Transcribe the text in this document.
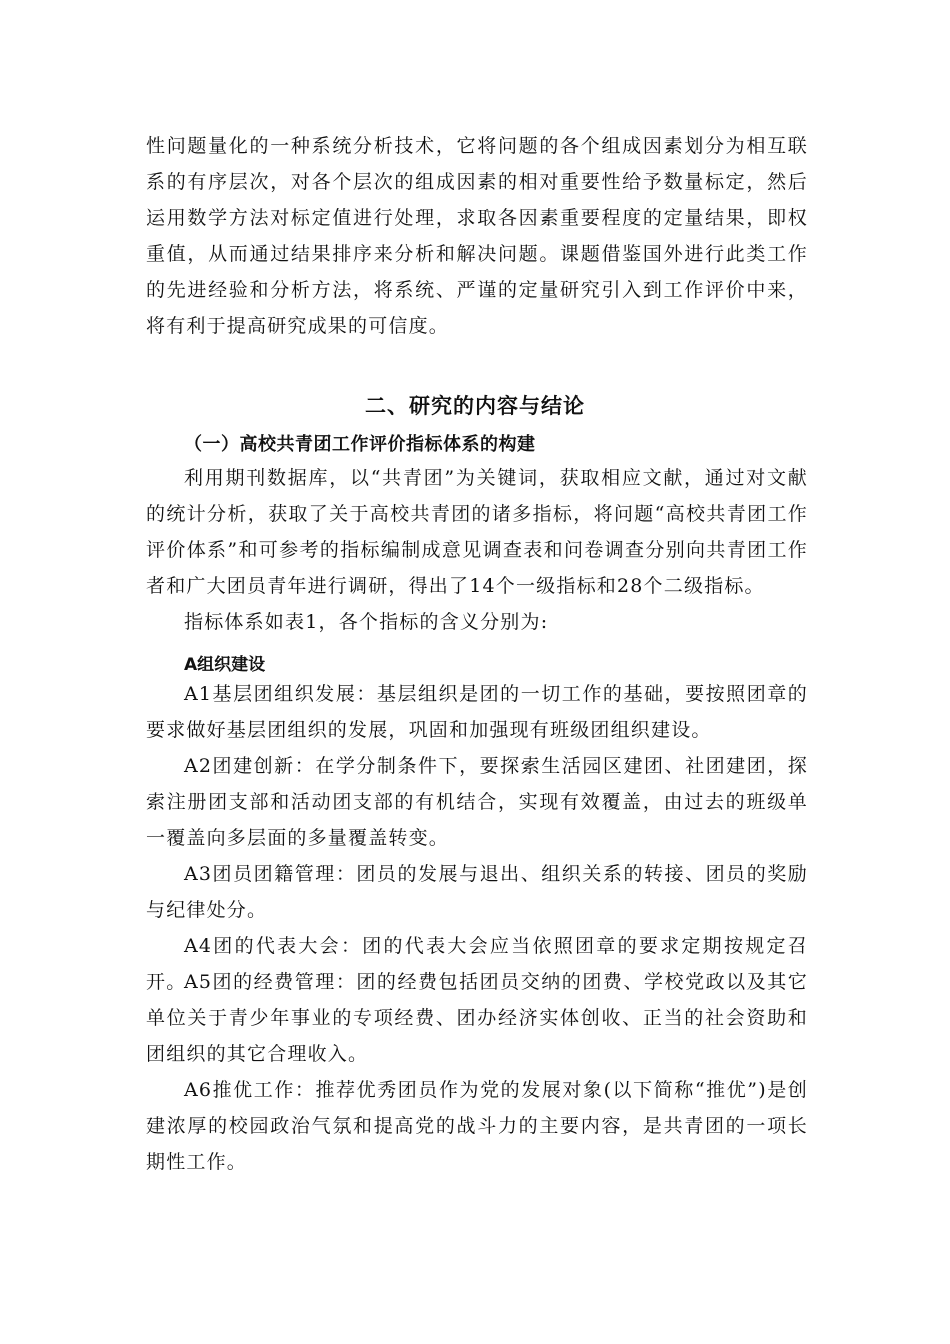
性问题量化的一种系统分析技术，它将问题的各个组成因素划分为相互联系的有序层次，对各个层次的组成因素的相对重要性给予数量标定，然后运用数学方法对标定值进行处理，求取各因素重要程度的定量结果，即权重值，从而通过结果排序来分析和解决问题。课题借鉴国外进行此类工作的先进经验和分析方法，将系统、严谨的定量研究引入到工作评价中来，将有利于提高研究成果的可信度。
二、研究的内容与结论
（一）高校共青团工作评价指标体系的构建
利用期刊数据库，以“共青团”为关键词，获取相应文献，通过对文献的统计分析，获取了关于高校共青团的诸多指标，将问题“高校共青团工作评价体系”和可参考的指标编制成意见调查表和问卷调查分别向共青团工作者和广大团员青年进行调研，得出了14个一级指标和28个二级指标。
指标体系如表1，各个指标的含义分别为:
A组织建设
A1基层团组织发展：基层组织是团的一切工作的基础，要按照团章的要求做好基层团组织的发展，巩固和加强现有班级团组织建设。
A2团建创新：在学分制条件下，要探索生活园区建团、社团建团，探索注册团支部和活动团支部的有机结合，实现有效覆盖，由过去的班级单一覆盖向多层面的多量覆盖转变。
A3团员团籍管理：团员的发展与退出、组织关系的转接、团员的奖励与纪律处分。
A4团的代表大会：团的代表大会应当依照团章的要求定期按规定召开。
A5团的经费管理：团的经费包括团员交纳的团费、学校党政以及其它单位关于青少年事业的专项经费、团办经济实体创收、正当的社会资助和团组织的其它合理收入。
A6推优工作：推荐优秀团员作为党的发展对象(以下简称“推优”)是创建浓厚的校园政治气氛和提高党的战斗力的主要内容，是共青团的一项长期性工作。
